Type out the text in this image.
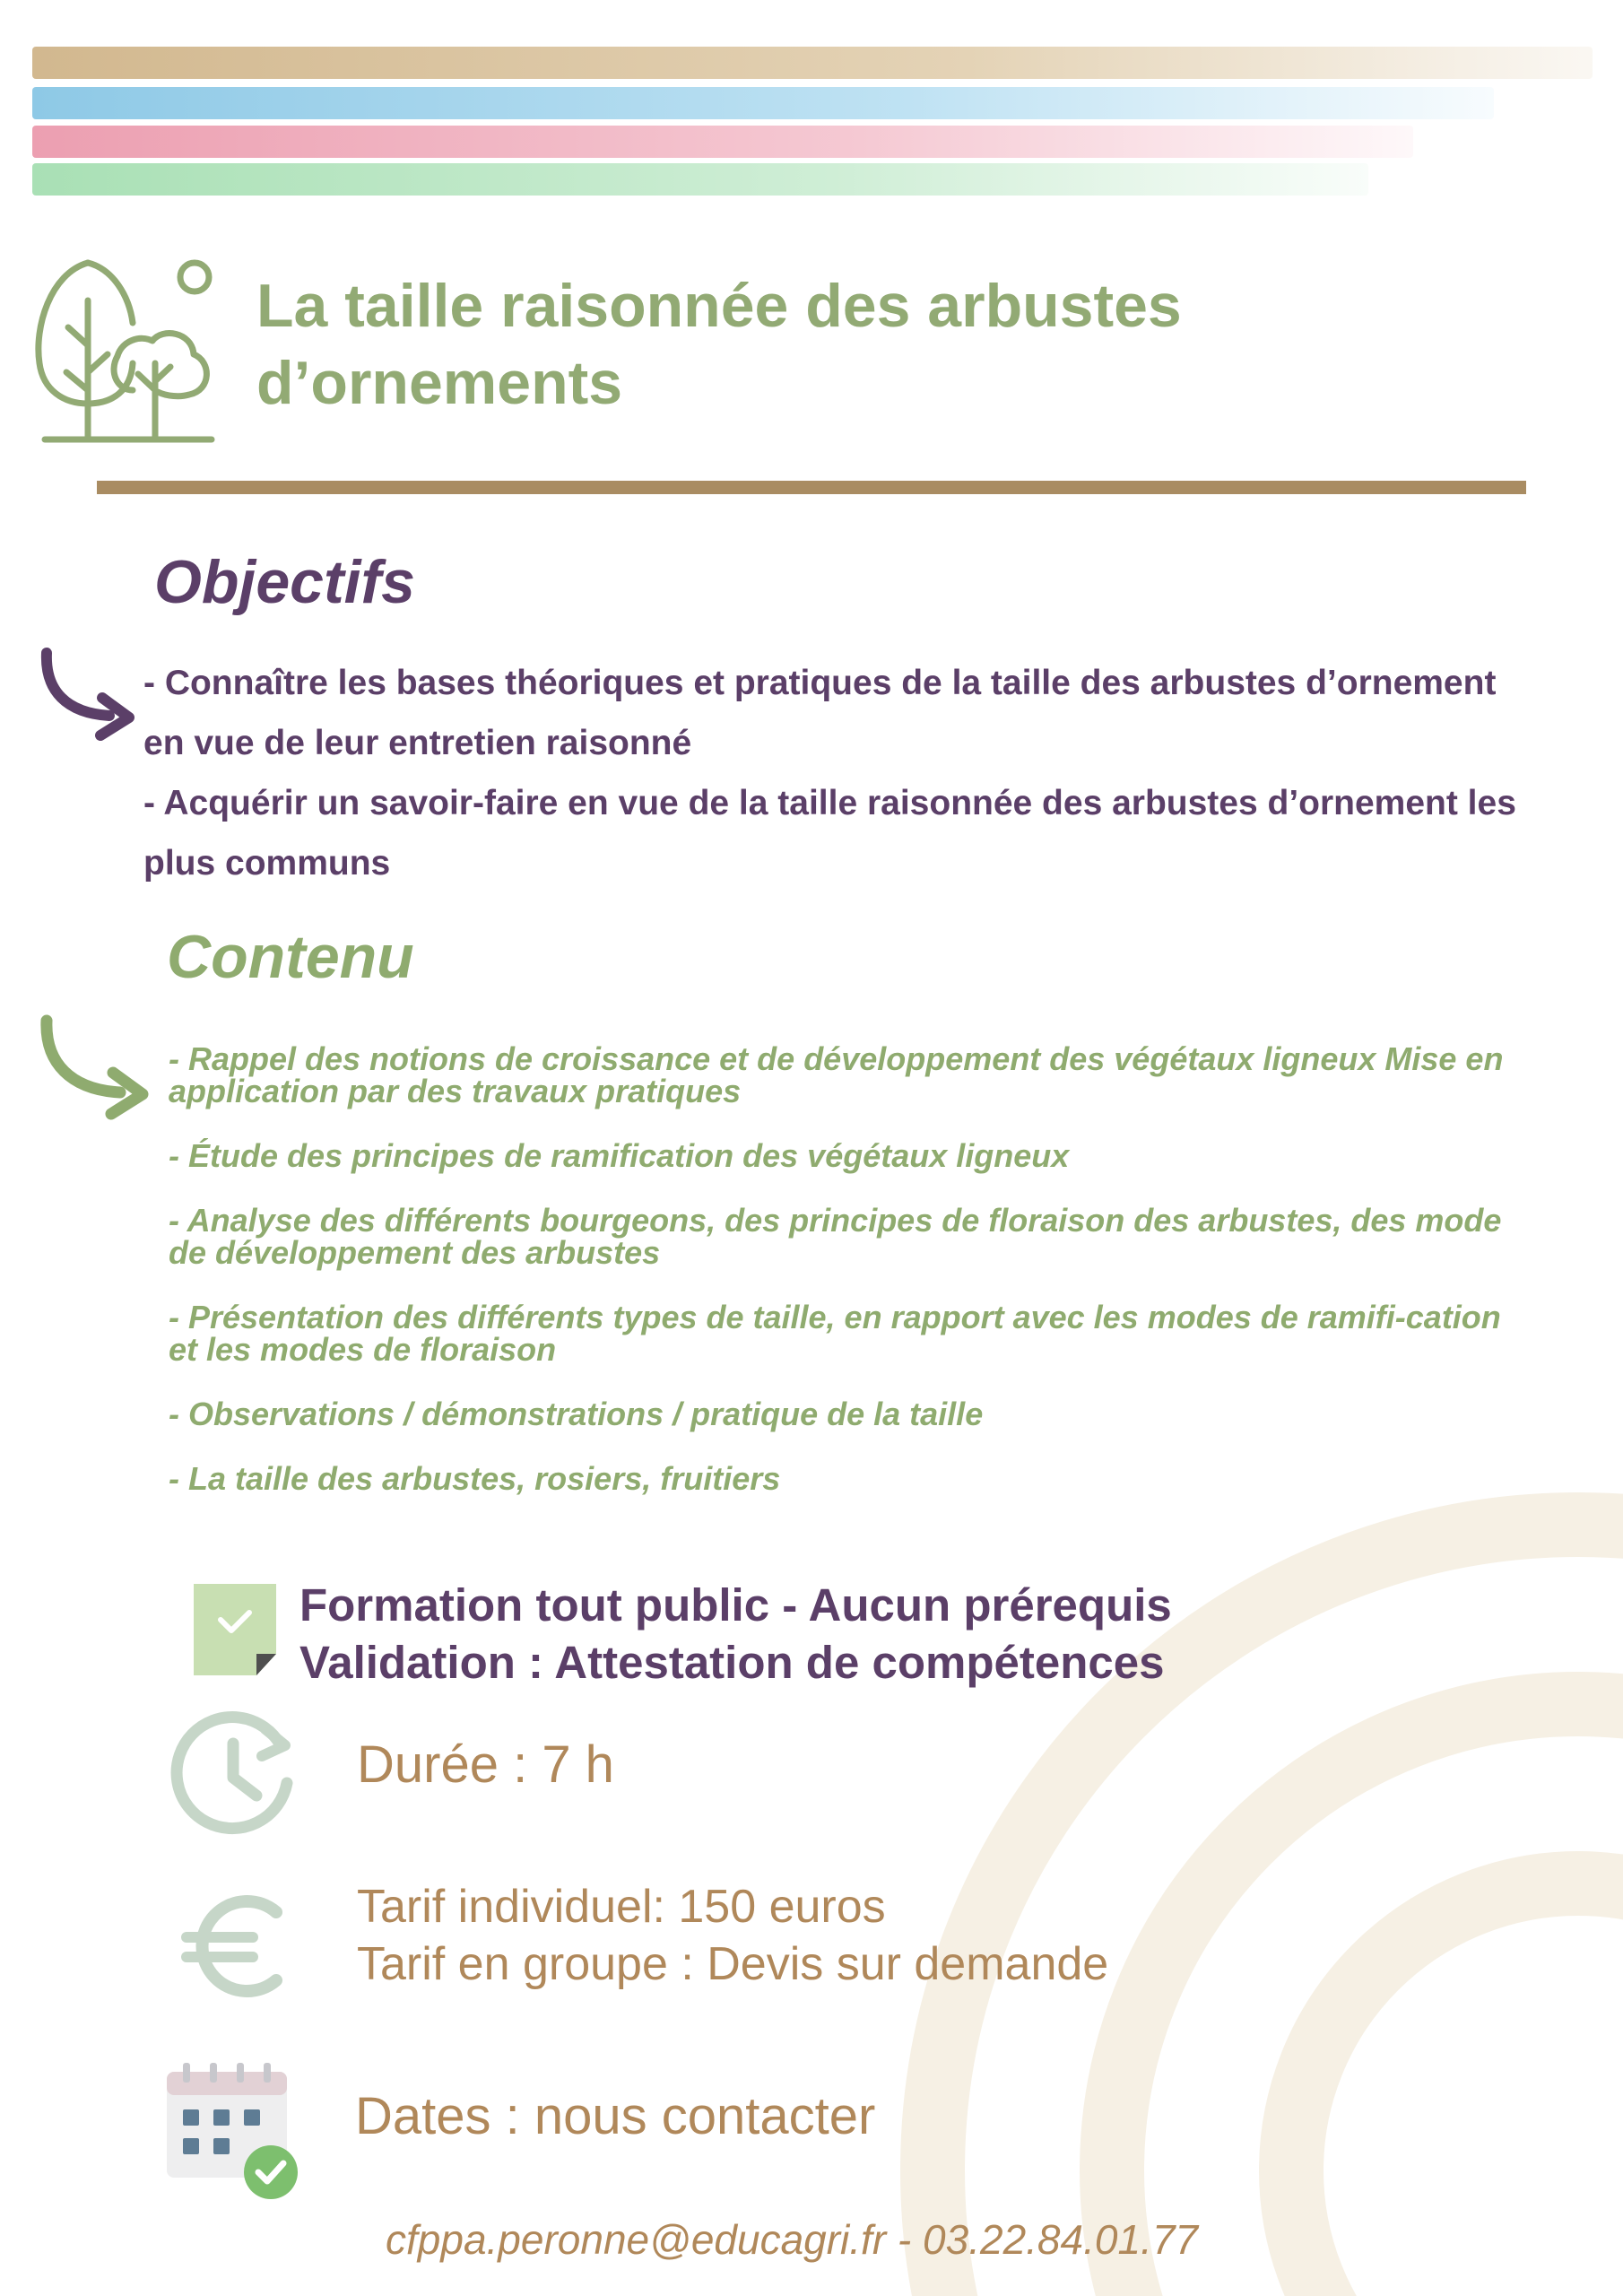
La taille raisonnée des arbustes d’ornements
Objectifs

- Connaître les bases théoriques et pratiques de la taille des arbustes d’ornement en vue de leur entretien raisonné

- Acquérir un savoir-faire en vue de la taille raisonnée des arbustes d’ornement les plus communs

Contenu
- Rappel des notions de croissance et de développement des végétaux ligneux Mise en application par des travaux pratiques
- Étude des principes de ramification des végétaux ligneux
- Analyse des différents bourgeons, des principes de floraison des arbustes, des mode de développement des arbustes
- Présentation des différents types de taille, en rapport avec les modes de ramifi-cation et les modes de floraison
- Observations / démonstrations / pratique de la taille
- La taille des arbustes, rosiers, fruitiers

Formation tout public - Aucun prérequis

Validation : Attestation de compétences

Durée : 7 h

Tarif individuel: 150 euros

Tarif en groupe : Devis sur demande

Dates : nous contacter

cfppa.peronne@educagri.fr - 03.22.84.01.77
